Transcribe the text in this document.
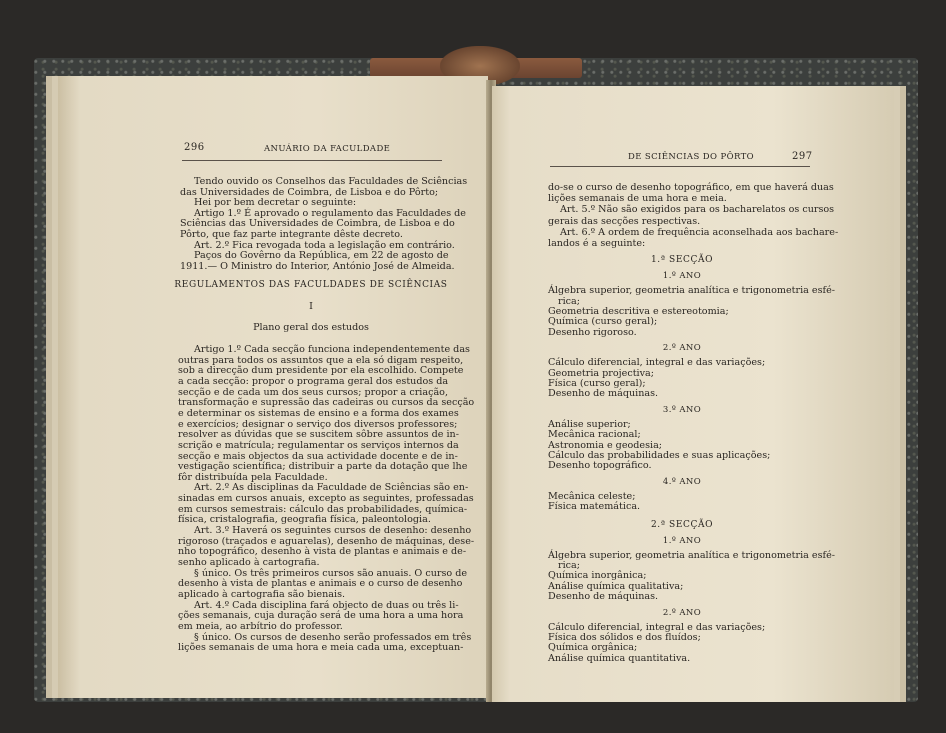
296	ANUÁRIO DA FACULDADE
Tendo ouvido os Conselhos das Faculdades de Sciências
das Universidades de Coimbra, de Lisboa e do Pôrto;
Hei por bem decretar o seguinte:
Artigo 1.º É aprovado o regulamento das Faculdades de
Sciências das Universidades de Coimbra, de Lisboa e do
Pôrto, que faz parte integrante dêste decreto.
Art. 2.º Fica revogada toda a legislação em contrário.
Paços do Govêrno da República, em 22 de agosto de
1911.— O Ministro do Interior, António José de Almeida.
REGULAMENTOS DAS FACULDADES DE SCIÊNCIAS
I
Plano geral dos estudos
Artigo 1.º Cada secção funciona independentemente das
outras para todos os assuntos que a ela só digam respeito,
sob a direcção dum presidente por ela escolhido. Compete
a cada secção: propor o programa geral dos estudos da
secção e de cada um dos seus cursos; propor a criação,
transformação e supressão das cadeiras ou cursos da secção
e determinar os sistemas de ensino e a forma dos exames
e exercícios; designar o serviço dos diversos professores;
resolver as dúvidas que se suscitem sôbre assuntos de in-
scrição e matrícula; regulamentar os serviços internos da
secção e mais objectos da sua actividade docente e de in-
vestigação scientífica; distribuir a parte da dotação que lhe
fôr distribuída pela Faculdade.
Art. 2.º As disciplinas da Faculdade de Sciências são en-
sinadas em cursos anuais, excepto as seguintes, professadas
em cursos semestrais: cálculo das probabilidades, química-
física, cristalografia, geografia física, paleontologia.
Art. 3.º Haverá os seguintes cursos de desenho: desenho
rigoroso (traçados e aguarelas), desenho de máquinas, dese-
nho topográfico, desenho à vista de plantas e animais e de-
senho aplicado à cartografia.
§ único. Os três primeiros cursos são anuais. O curso de
desenho à vista de plantas e animais e o curso de desenho
aplicado à cartografia são bienais.
Art. 4.º Cada disciplina fará objecto de duas ou três li-
ções semanais, cuja duração será de uma hora a uma hora
em meia, ao arbítrio do professor.
§ único. Os cursos de desenho serão professados em três
lições semanais de uma hora e meia cada uma, exceptuan-
DE SCIÊNCIAS DO PÔRTO	297
do-se o curso de desenho topográfico, em que haverá duas
lições semanais de uma hora e meia.
Art. 5.º Não são exigidos para os bacharelatos os cursos
gerais das secções respectivas.
Art. 6.º A ordem de frequência aconselhada aos bachare-
landos é a seguinte:
1.ª SECÇÃO
1.º ANO
Álgebra superior, geometria analítica e trigonometria esfé-
rica;
Geometria descritiva e estereotomia;
Química (curso geral);
Desenho rigoroso.
2.º ANO
Cálculo diferencial, integral e das variações;
Geometria projectiva;
Física (curso geral);
Desenho de máquinas.
3.º ANO
Análise superior;
Mecânica racional;
Astronomia e geodesia;
Cálculo das probabilidades e suas aplicações;
Desenho topográfico.
4.º ANO
Mecânica celeste;
Física matemática.
2.ª SECÇÃO
1.º ANO
Álgebra superior, geometria analítica e trigonometria esfé-
rica;
Química inorgânica;
Análise química qualitativa;
Desenho de máquinas.
2.º ANO
Cálculo diferencial, integral e das variações;
Física dos sólidos e dos fluídos;
Química orgânica;
Análise química quantitativa.
